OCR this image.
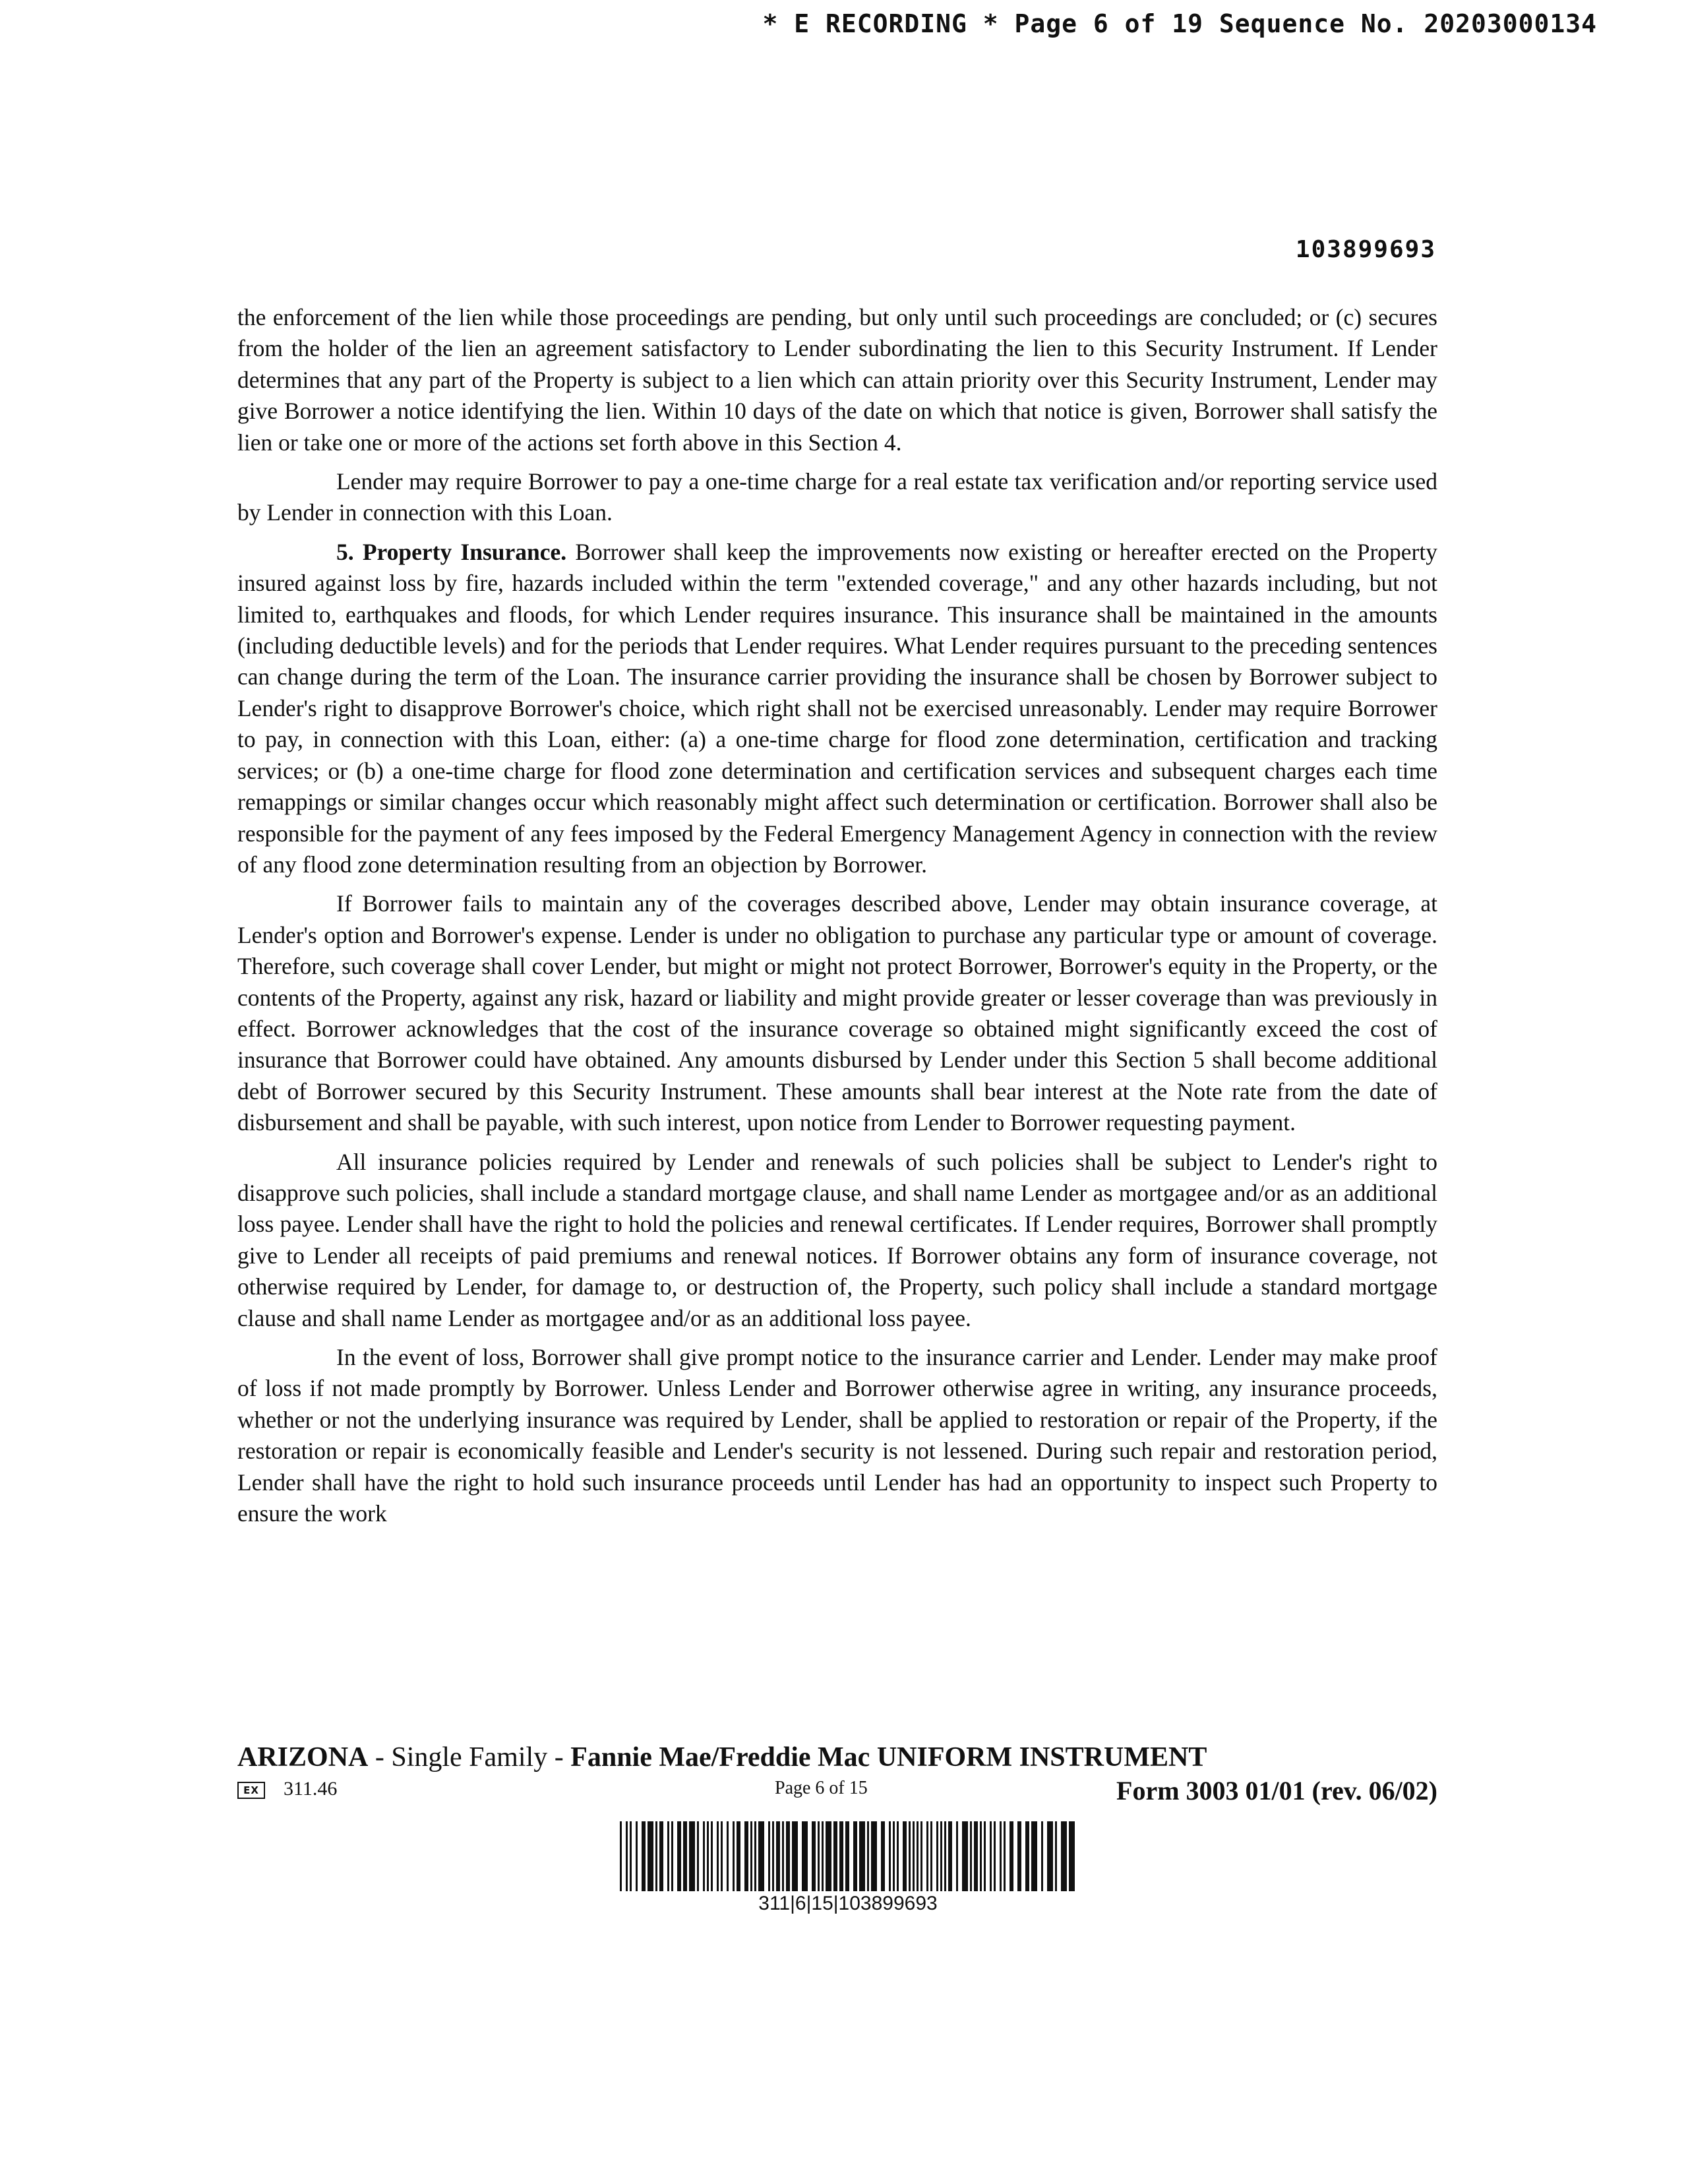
* E RECORDING * Page 6 of 19 Sequence No. 20203000134
103899693

the enforcement of the lien while those proceedings are pending, but only until such proceedings are concluded; or (c) secures from the holder of the lien an agreement satisfactory to Lender subordinating the lien to this Security Instrument. If Lender determines that any part of the Property is subject to a lien which can attain priority over this Security Instrument, Lender may give Borrower a notice identifying the lien. Within 10 days of the date on which that notice is given, Borrower shall satisfy the lien or take one or more of the actions set forth above in this Section 4.

Lender may require Borrower to pay a one-time charge for a real estate tax verification and/or reporting service used by Lender in connection with this Loan.

5. Property Insurance. Borrower shall keep the improvements now existing or hereafter erected on the Property insured against loss by fire, hazards included within the term "extended coverage," and any other hazards including, but not limited to, earthquakes and floods, for which Lender requires insurance. This insurance shall be maintained in the amounts (including deductible levels) and for the periods that Lender requires. What Lender requires pursuant to the preceding sentences can change during the term of the Loan. The insurance carrier providing the insurance shall be chosen by Borrower subject to Lender's right to disapprove Borrower's choice, which right shall not be exercised unreasonably. Lender may require Borrower to pay, in connection with this Loan, either: (a) a one-time charge for flood zone determination, certification and tracking services; or (b) a one-time charge for flood zone determination and certification services and subsequent charges each time remappings or similar changes occur which reasonably might affect such determination or certification. Borrower shall also be responsible for the payment of any fees imposed by the Federal Emergency Management Agency in connection with the review of any flood zone determination resulting from an objection by Borrower.

If Borrower fails to maintain any of the coverages described above, Lender may obtain insurance coverage, at Lender's option and Borrower's expense. Lender is under no obligation to purchase any particular type or amount of coverage. Therefore, such coverage shall cover Lender, but might or might not protect Borrower, Borrower's equity in the Property, or the contents of the Property, against any risk, hazard or liability and might provide greater or lesser coverage than was previously in effect. Borrower acknowledges that the cost of the insurance coverage so obtained might significantly exceed the cost of insurance that Borrower could have obtained. Any amounts disbursed by Lender under this Section 5 shall become additional debt of Borrower secured by this Security Instrument. These amounts shall bear interest at the Note rate from the date of disbursement and shall be payable, with such interest, upon notice from Lender to Borrower requesting payment.

All insurance policies required by Lender and renewals of such policies shall be subject to Lender's right to disapprove such policies, shall include a standard mortgage clause, and shall name Lender as mortgagee and/or as an additional loss payee. Lender shall have the right to hold the policies and renewal certificates. If Lender requires, Borrower shall promptly give to Lender all receipts of paid premiums and renewal notices. If Borrower obtains any form of insurance coverage, not otherwise required by Lender, for damage to, or destruction of, the Property, such policy shall include a standard mortgage clause and shall name Lender as mortgagee and/or as an additional loss payee.

In the event of loss, Borrower shall give prompt notice to the insurance carrier and Lender. Lender may make proof of loss if not made promptly by Borrower. Unless Lender and Borrower otherwise agree in writing, any insurance proceeds, whether or not the underlying insurance was required by Lender, shall be applied to restoration or repair of the Property, if the restoration or repair is economically feasible and Lender's security is not lessened. During such repair and restoration period, Lender shall have the right to hold such insurance proceeds until Lender has had an opportunity to inspect such Property to ensure the work

ARIZONA - Single Family - Fannie Mae/Freddie Mac UNIFORM INSTRUMENT
EX	311.46	Page 6 of 15	Form 3003 01/01 (rev. 06/02)
311|6|15|103899693
